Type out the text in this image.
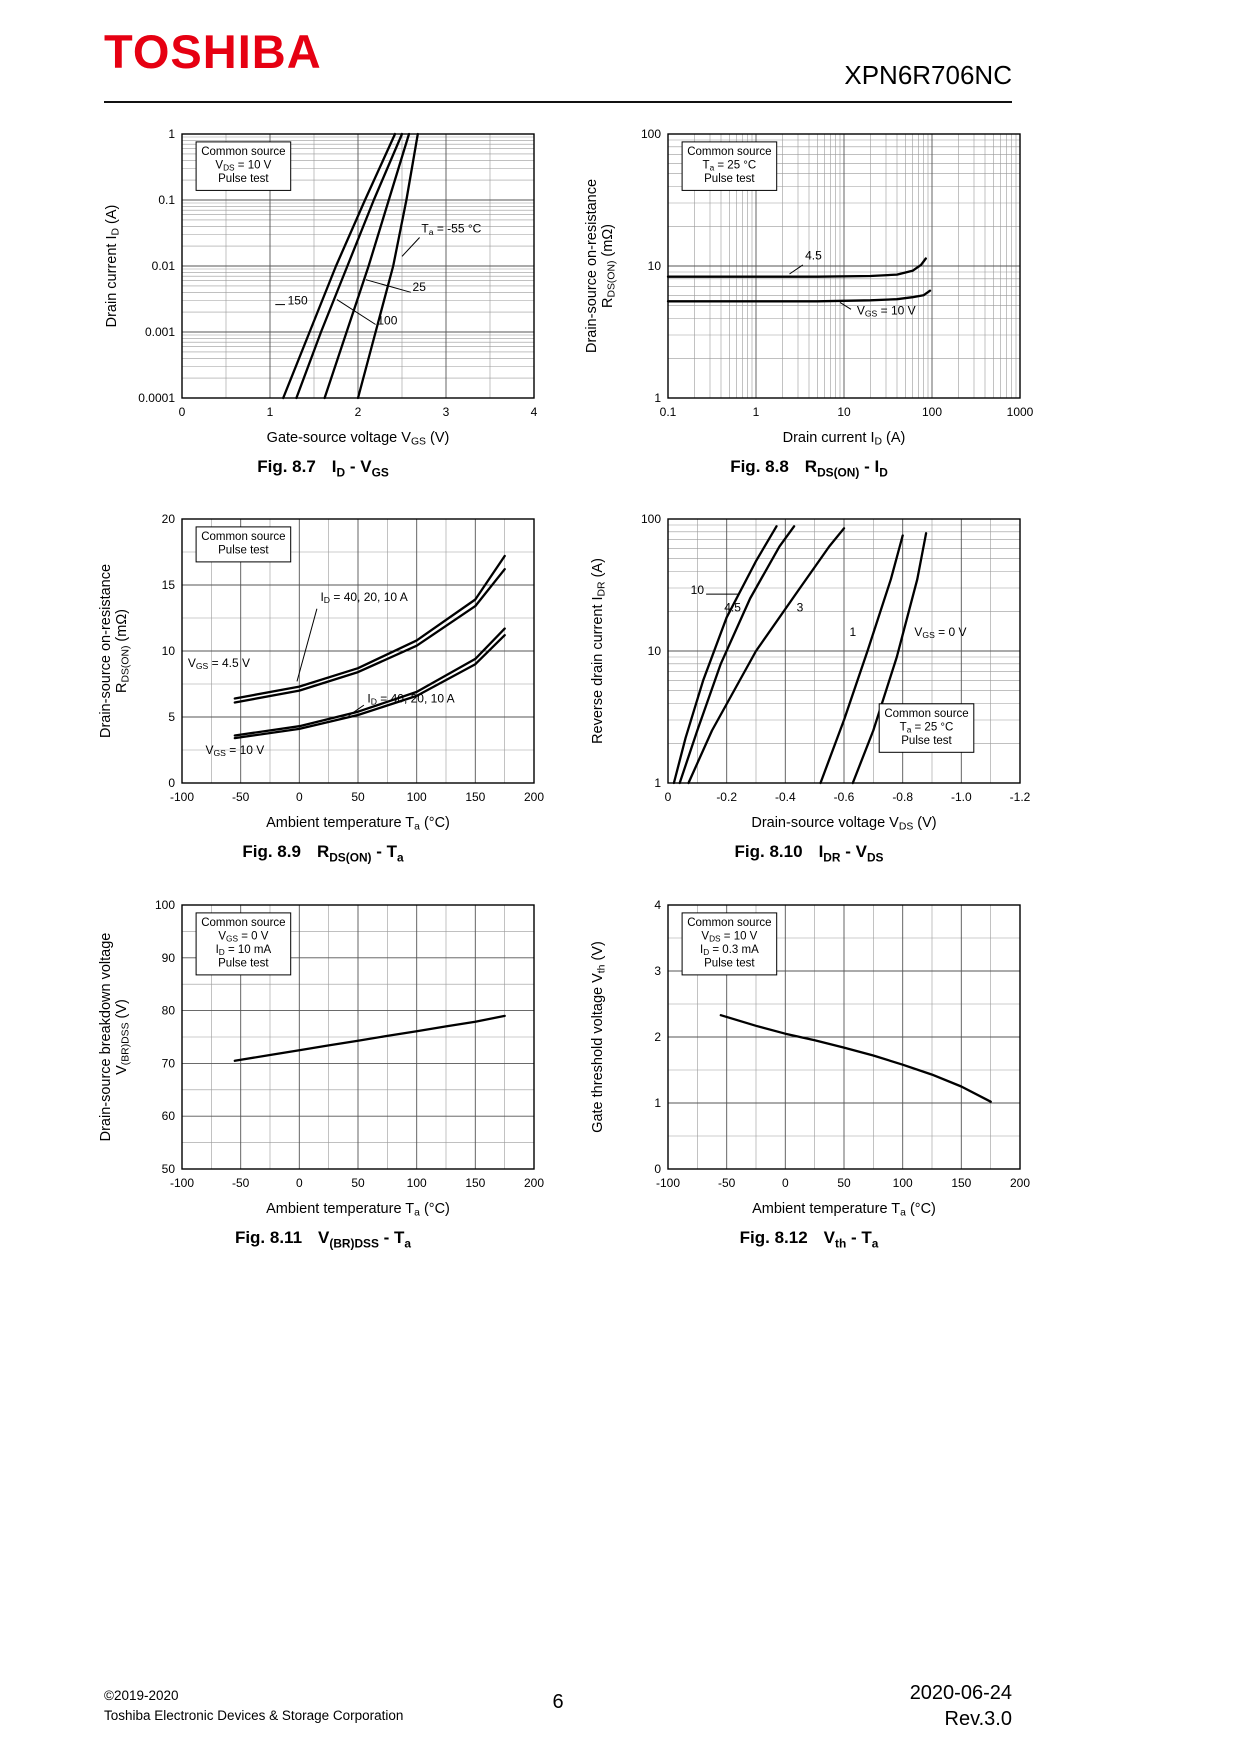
TOSHIBA	XPN6R706NC
0	1	2	3	4
0.0001
0.001
0.01
0.1
1
Ta = -55 °C
25
150
100
Common source
VDS = 10 V
Pulse test
Gate-source voltage VGS (V)
Drain current ID (A)
Fig. 8.7 $I_D - V_{GS}$
0.1	1	10	100	1000
1
10
100
4.5
VGS = 10 V
Common source
Ta = 25 °C
Pulse test
Drain current ID (A)
Drain-source on-resistance RDS(ON) (mΩ)
Fig. 8.8 $R_{DS(ON)} - I_D$
-100	-50	0	50	100	150	200
0
5
10
15
20
ID = 40, 20, 10 A
VGS = 4.5 V
ID = 40, 20, 10 A
VGS = 10 V
Common source
Pulse test
Ambient temperature Ta (°C)
Drain-source on-resistance RDS(ON) (mΩ)
Fig. 8.9 $R_{DS(ON)} - T_a$
0	-0.2	-0.4	-0.6	-0.8	-1.0	-1.2
1
10
100
10
4.5	3
1	VGS = 0 V
Common source
Ta = 25 °C
Pulse test
Drain-source voltage VDS (V)
Reverse drain current IDR (A)
Fig. 8.10 $I_{DR} - V_{DS}$
-100	-50	0	50	100	150	200
50
60
70
80
90
100
Common source
VGS = 0 V
ID = 10 mA
Pulse test
Ambient temperature Ta (°C)
Drain-source breakdown voltage V(BR)DSS (V)
Fig. 8.11 $V_{(BR)DSS} - T_a$
-100	-50	0	50	100	150	200
0
1
2
3
4
Common source
VDS = 10 V
ID = 0.3 mA
Pulse test
Ambient temperature Ta (°C)
Gate threshold voltage Vth (V)
Fig. 8.12 $V_{th} - T_a$
©2019-2020
Toshiba Electronic Devices & Storage Corporation
6	2020-06-24
Rev.3.0
